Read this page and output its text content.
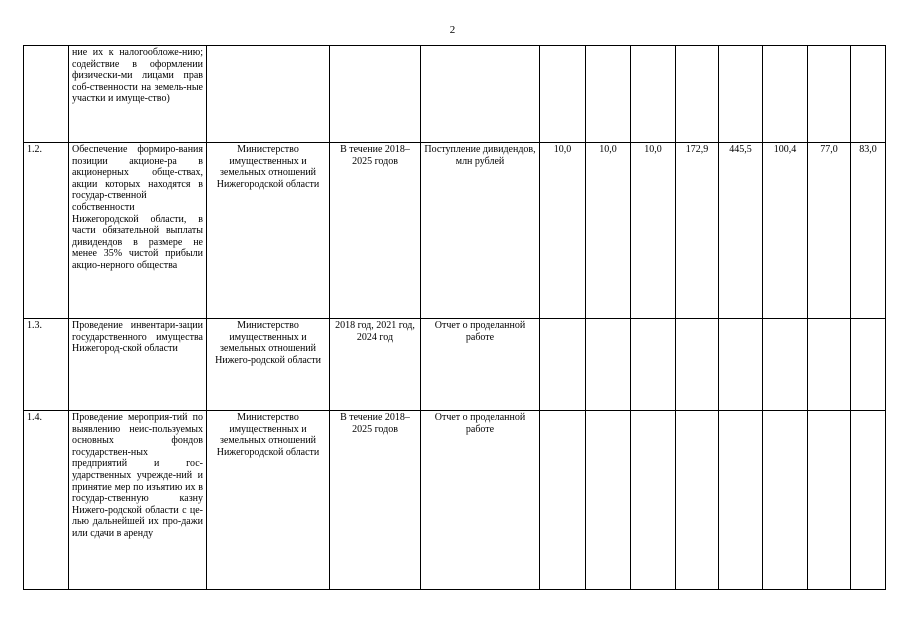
2

	ние их к налогообложе-нию; содействие в оформлении физически-ми лицами прав соб-ственности на земель-ные участки и имуще-ство)											

1.2.	Обеспечение формиро-вания позиции акционе-ра в акционерных обще-ствах, акции которых находятся в государ-ственной собственности Нижегородской области, в части обязательной выплаты дивидендов в размере не менее 35% чистой прибыли акцио-нерного общества	Министерство имущественных и земельных отношений Нижегородской области	В течение 2018–2025 годов	Поступление дивидендов, млн рублей	10,0	10,0	10,0	172,9	445,5	100,4	77,0	83,0
1.3.	Проведение инвентари-зации государственного имущества Нижегород-ской области	Министерство имущественных и земельных отношений Нижего-родской области	2018 год, 2021 год, 2024 год	Отчет о проделанной работе								
1.4.	Проведение мероприя-тий по выявлению неис-пользуемых основных фондов государствен-ных предприятий и гос-ударственных учрежде-ний и принятие мер по изъятию их в государ-ственную казну Нижего-родской области с це-лью дальнейшей их про-дажи или сдачи в аренду	Министерство имущественных и земельных отношений Нижегородской области	В течение 2018–2025 годов	Отчет о проделанной работе								
